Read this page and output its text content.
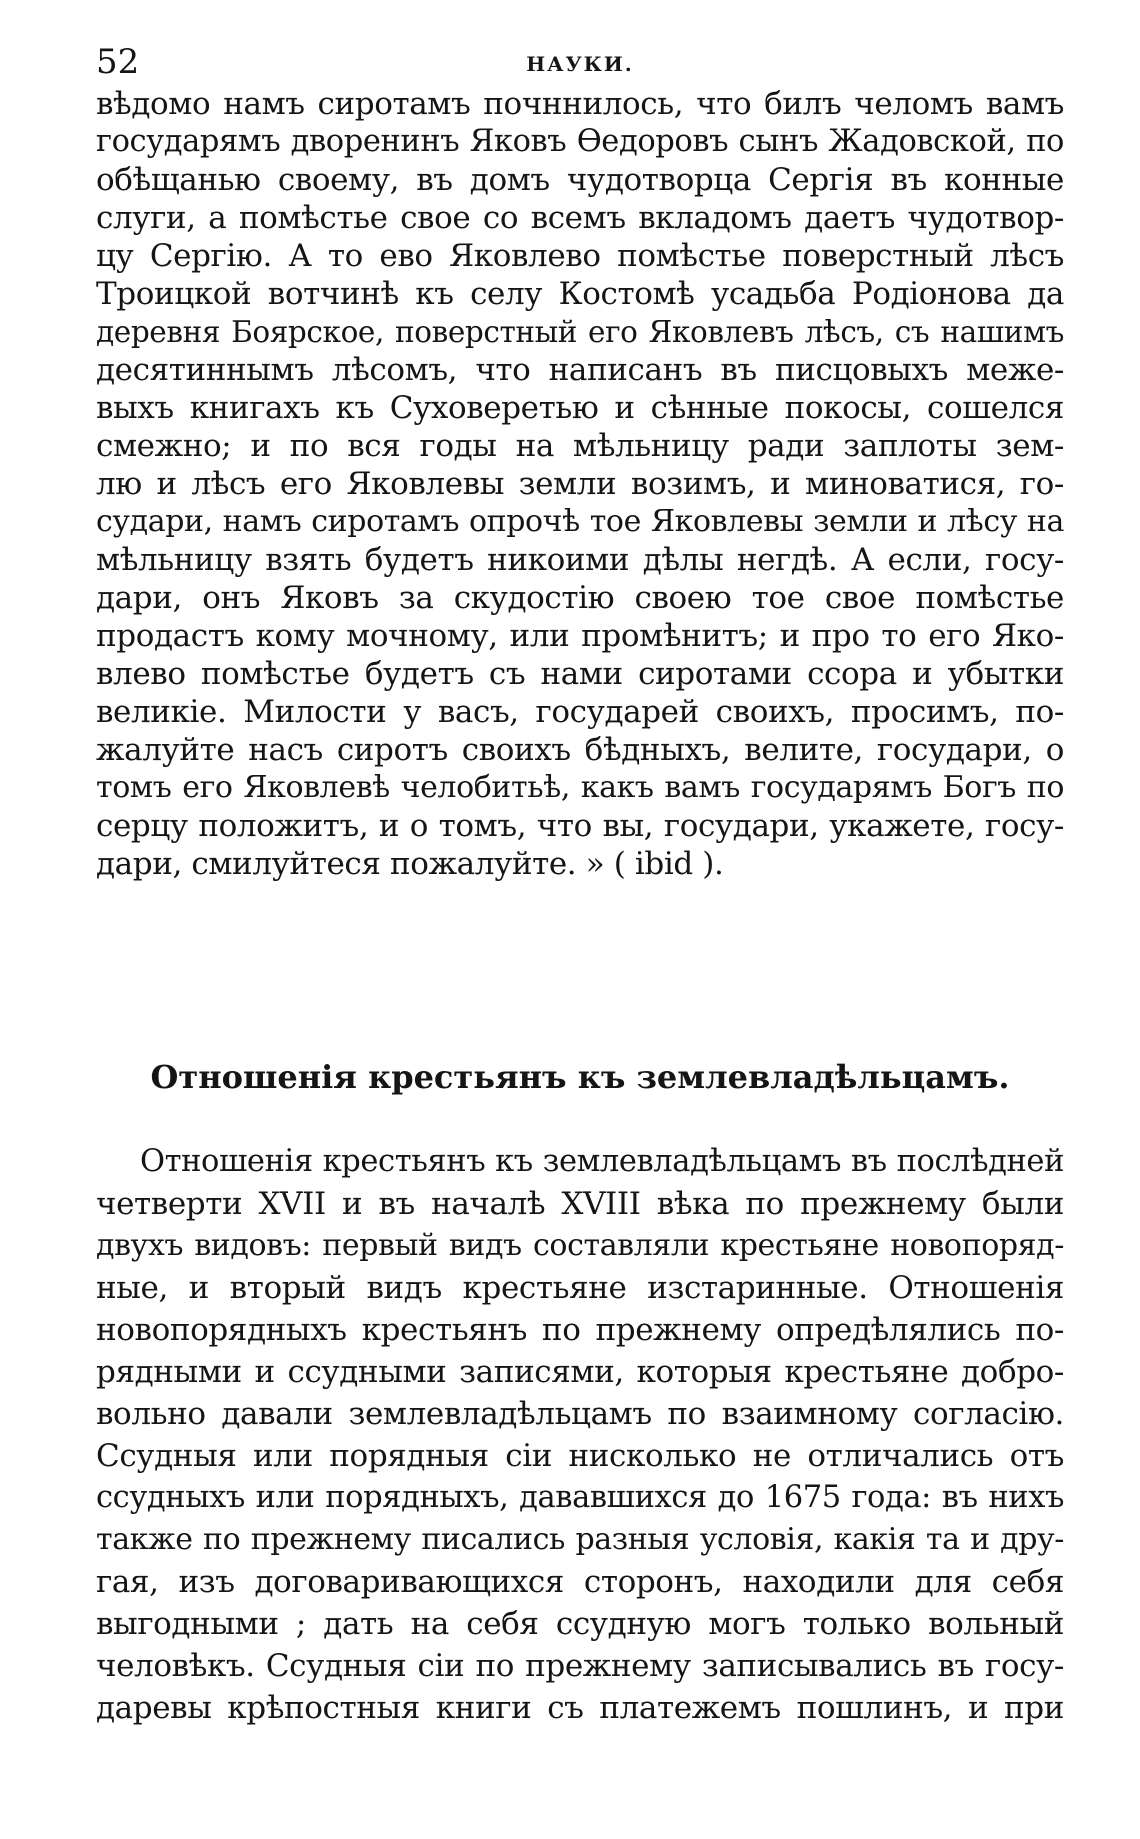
52	НАУКИ.
вѣдомо намъ сиротамъ почннилось, что билъ челомъ вамъ
государямъ дворенинъ Яковъ Ѳедоровъ сынъ Жадовской, по
обѣщанью своему, въ домъ чудотворца Сергія въ конные
слуги, а помѣстье свое со всемъ вкладомъ даетъ чудотвор-
цу Сергію. А то ево Яковлево помѣстье поверстный лѣсъ
Троицкой вотчинѣ къ селу Костомѣ усадьба Родіонова да
деревня Боярское, поверстный его Яковлевъ лѣсъ, съ нашимъ
десятиннымъ лѣсомъ, что написанъ въ писцовыхъ меже-
выхъ книгахъ къ Суховеретью и сѣнные покосы, сошелся
смежно; и по вся годы на мѣльницу ради заплоты зем-
лю и лѣсъ его Яковлевы земли возимъ, и миноватися, го-
судари, намъ сиротамъ опрочѣ тое Яковлевы земли и лѣсу на
мѣльницу взять будетъ никоими дѣлы негдѣ. А если, госу-
дари, онъ Яковъ за скудостію своею тое свое помѣстье
продастъ кому мочному, или промѣнитъ; и про то его Яко-
влево помѣстье будетъ съ нами сиротами ссора и убытки
великіе. Милости у васъ, государей своихъ, просимъ, по-
жалуйте насъ сиротъ своихъ бѣдныхъ, велите, государи, о
томъ его Яковлевѣ челобитьѣ, какъ вамъ государямъ Богъ по
серцу положитъ, и о томъ, что вы, государи, укажете, госу-
дари, смилуйтеся пожалуйте. » ( ibid ).
Отношенія крестьянъ къ землевладѣльцамъ.
Отношенія крестьянъ къ землевладѣльцамъ въ послѣдней
четверти XVII и въ началѣ XVIII вѣка по прежнему были
двухъ видовъ: первый видъ составляли крестьяне новопоряд-
ные, и вторый видъ крестьяне изстаринные. Отношенія
новопорядныхъ крестьянъ по прежнему опредѣлялись по-
рядными и ссудными записями, которыя крестьяне добро-
вольно давали землевладѣльцамъ по взаимному согласію.
Ссудныя или порядныя сіи нисколько не отличались отъ
ссудныхъ или порядныхъ, дававшихся до 1675 года: въ нихъ
также по прежнему писались разныя условія, какія та и дру-
гая, изъ договаривающихся сторонъ, находили для себя
выгодными ; дать на себя ссудную могъ только вольный
человѣкъ. Ссудныя сіи по прежнему записывались въ госу-
даревы крѣпостныя книги съ платежемъ пошлинъ, и при
